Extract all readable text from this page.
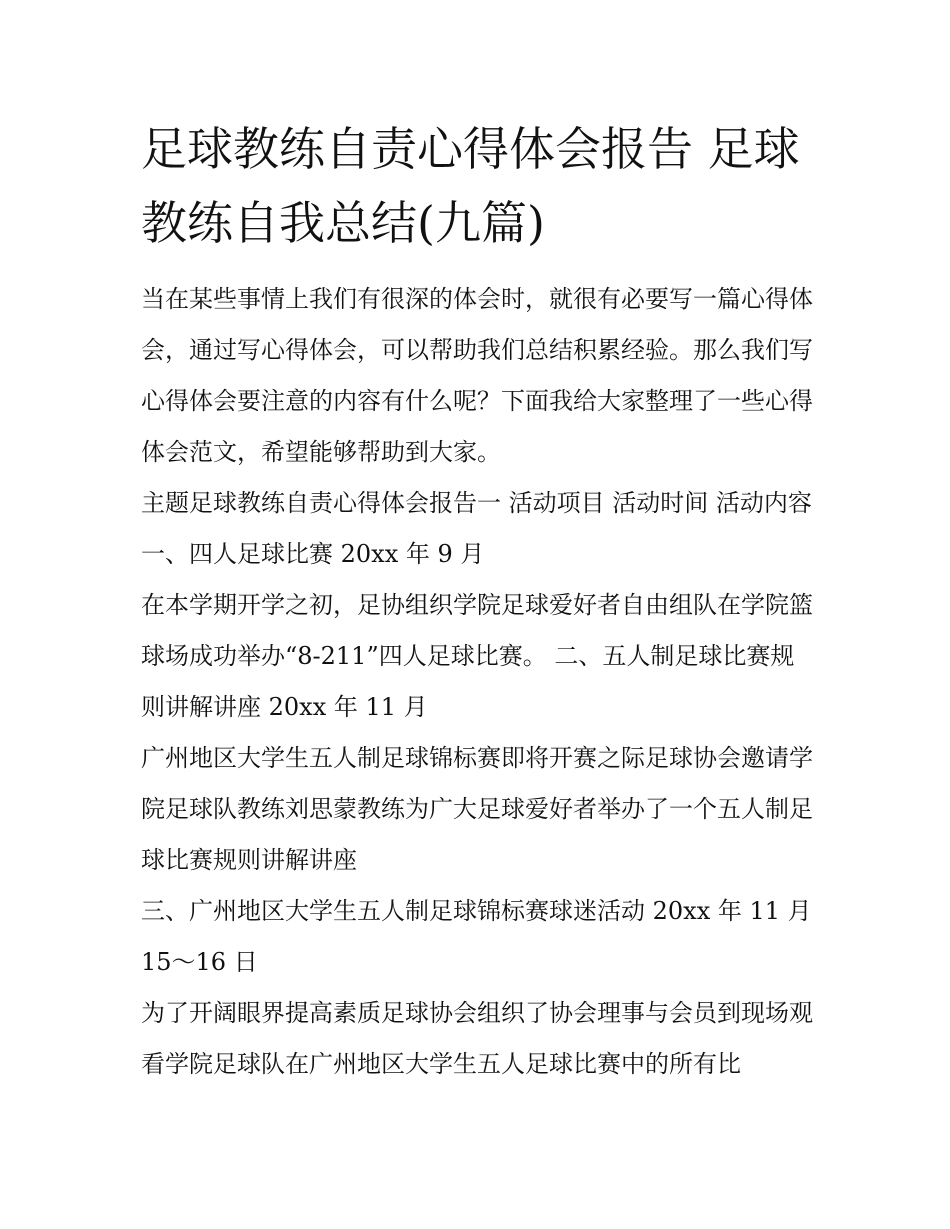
足球教练自责心得体会报告 足球教练自我总结(九篇)

当在某些事情上我们有很深的体会时，就很有必要写一篇心得体会，通过写心得体会，可以帮助我们总结积累经验。那么我们写心得体会要注意的内容有什么呢？下面我给大家整理了一些心得体会范文，希望能够帮助到大家。

主题足球教练自责心得体会报告一 活动项目 活动时间 活动内容 一、四人足球比赛 20xx 年 9 月

在本学期开学之初，足协组织学院足球爱好者自由组队在学院篮球场成功举办“8-211”四人足球比赛。 二、五人制足球比赛规则讲解讲座 20xx 年 11 月

广州地区大学生五人制足球锦标赛即将开赛之际足球协会邀请学院足球队教练刘思蒙教练为广大足球爱好者举办了一个五人制足球比赛规则讲解讲座

三、广州地区大学生五人制足球锦标赛球迷活动 20xx 年 11 月 15～16 日

为了开阔眼界提高素质足球协会组织了协会理事与会员到现场观看学院足球队在广州地区大学生五人足球比赛中的所有比
